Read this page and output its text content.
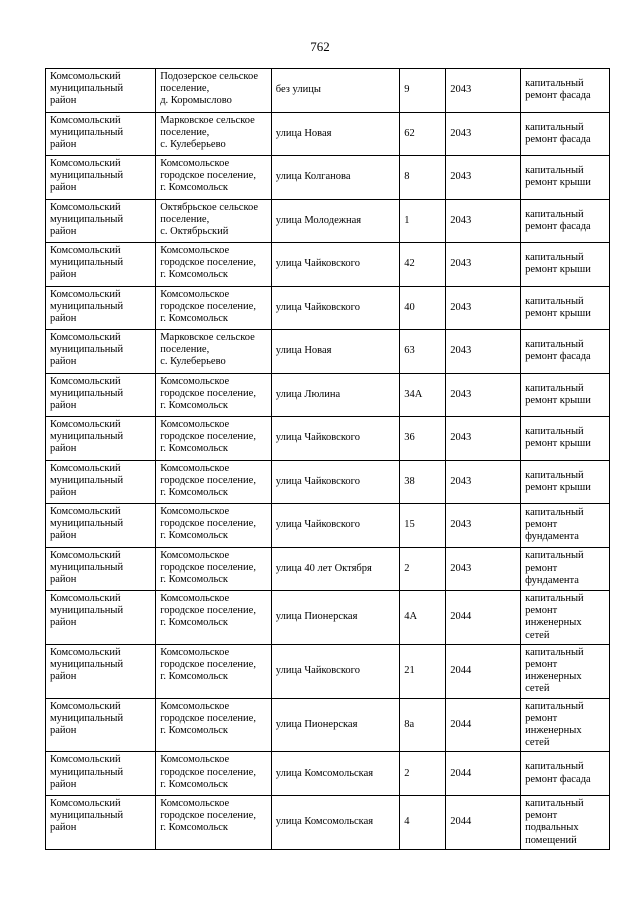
762
Комсомольский
муниципальный
район	Подозерское сельское
поселение,
д. Коромыслово	без улицы	9	2043	капитальный
ремонт фасада

Комсомольский
муниципальный
район	Марковское сельское
поселение,
с. Кулеберьево	улица Новая	62	2043	капитальный
ремонт фасада

Комсомольский
муниципальный
район	Комсомольское
городское поселение,
г. Комсомольск	улица Колганова	8	2043	капитальный
ремонт крыши

Комсомольский
муниципальный
район	Октябрьское сельское
поселение,
с. Октябрьский	улица Молодежная	1	2043	капитальный
ремонт фасада

Комсомольский
муниципальный
район	Комсомольское
городское поселение,
г. Комсомольск	улица Чайковского	42	2043	капитальный
ремонт крыши

Комсомольский
муниципальный
район	Комсомольское
городское поселение,
г. Комсомольск	улица Чайковского	40	2043	капитальный
ремонт крыши

Комсомольский
муниципальный
район	Марковское сельское
поселение,
с. Кулеберьево	улица Новая	63	2043	капитальный
ремонт фасада

Комсомольский
муниципальный
район	Комсомольское
городское поселение,
г. Комсомольск	улица Люлина	34А	2043	капитальный
ремонт крыши

Комсомольский
муниципальный
район	Комсомольское
городское поселение,
г. Комсомольск	улица Чайковского	36	2043	капитальный
ремонт крыши

Комсомольский
муниципальный
район	Комсомольское
городское поселение,
г. Комсомольск	улица Чайковского	38	2043	капитальный
ремонт крыши

Комсомольский
муниципальный
район	Комсомольское
городское поселение,
г. Комсомольск	улица Чайковского	15	2043	капитальный
ремонт
фундамента

Комсомольский
муниципальный
район	Комсомольское
городское поселение,
г. Комсомольск	улица 40 лет Октября	2	2043	капитальный
ремонт
фундамента

Комсомольский
муниципальный
район	Комсомольское
городское поселение,
г. Комсомольск	улица Пионерская	4А	2044	капитальный
ремонт
инженерных
сетей

Комсомольский
муниципальный
район	Комсомольское
городское поселение,
г. Комсомольск	улица Чайковского	21	2044	капитальный
ремонт
инженерных
сетей

Комсомольский
муниципальный
район	Комсомольское
городское поселение,
г. Комсомольск	улица Пионерская	8а	2044	капитальный
ремонт
инженерных
сетей

Комсомольский
муниципальный
район	Комсомольское
городское поселение,
г. Комсомольск	улица Комсомольская	2	2044	капитальный
ремонт фасада

Комсомольский
муниципальный
район	Комсомольское
городское поселение,
г. Комсомольск	улица Комсомольская	4	2044	капитальный
ремонт
подвальных
помещений
